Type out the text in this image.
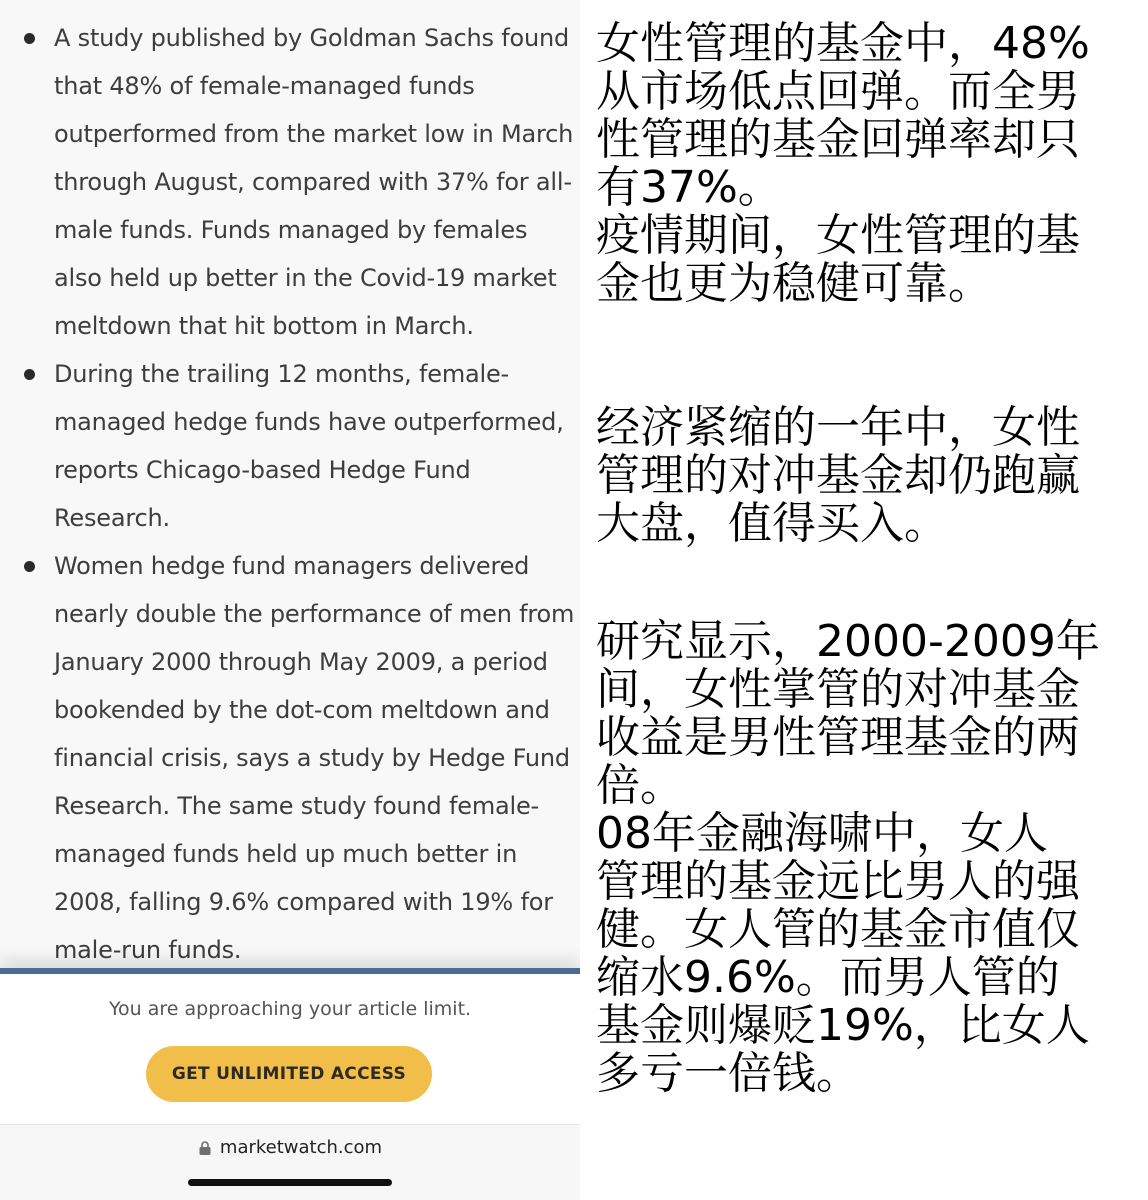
A study published by Goldman Sachs found that 48% of female-managed funds outperformed from the market low in March through August, compared with 37% for all-male funds. Funds managed by females also held up better in the Covid-19 market meltdown that hit bottom in March.
During the trailing 12 months, female-managed hedge funds have outperformed, reports Chicago-based Hedge Fund Research.
Women hedge fund managers delivered nearly double the performance of men from January 2000 through May 2009, a period bookended by the dot-com meltdown and financial crisis, says a study by Hedge Fund Research. The same study found female-managed funds held up much better in 2008, falling 9.6% compared with 19% for male-run funds.
You are approaching your article limit.
GET UNLIMITED ACCESS
marketwatch.com
女性管理的基金中，48%
从市场低点回弹。而全男
性管理的基金回弹率却只
有37%。
疫情期间，女性管理的基
金也更为稳健可靠。
经济紧缩的一年中，女性
管理的对冲基金却仍跑赢
大盘，值得买入。
研究显示，2000-2009年
间，女性掌管的对冲基金
收益是男性管理基金的两
倍。
08年金融海啸中，女人
管理的基金远比男人的强
健。女人管的基金市值仅
缩水9.6%。而男人管的
基金则爆贬19%，比女人
多亏一倍钱。
